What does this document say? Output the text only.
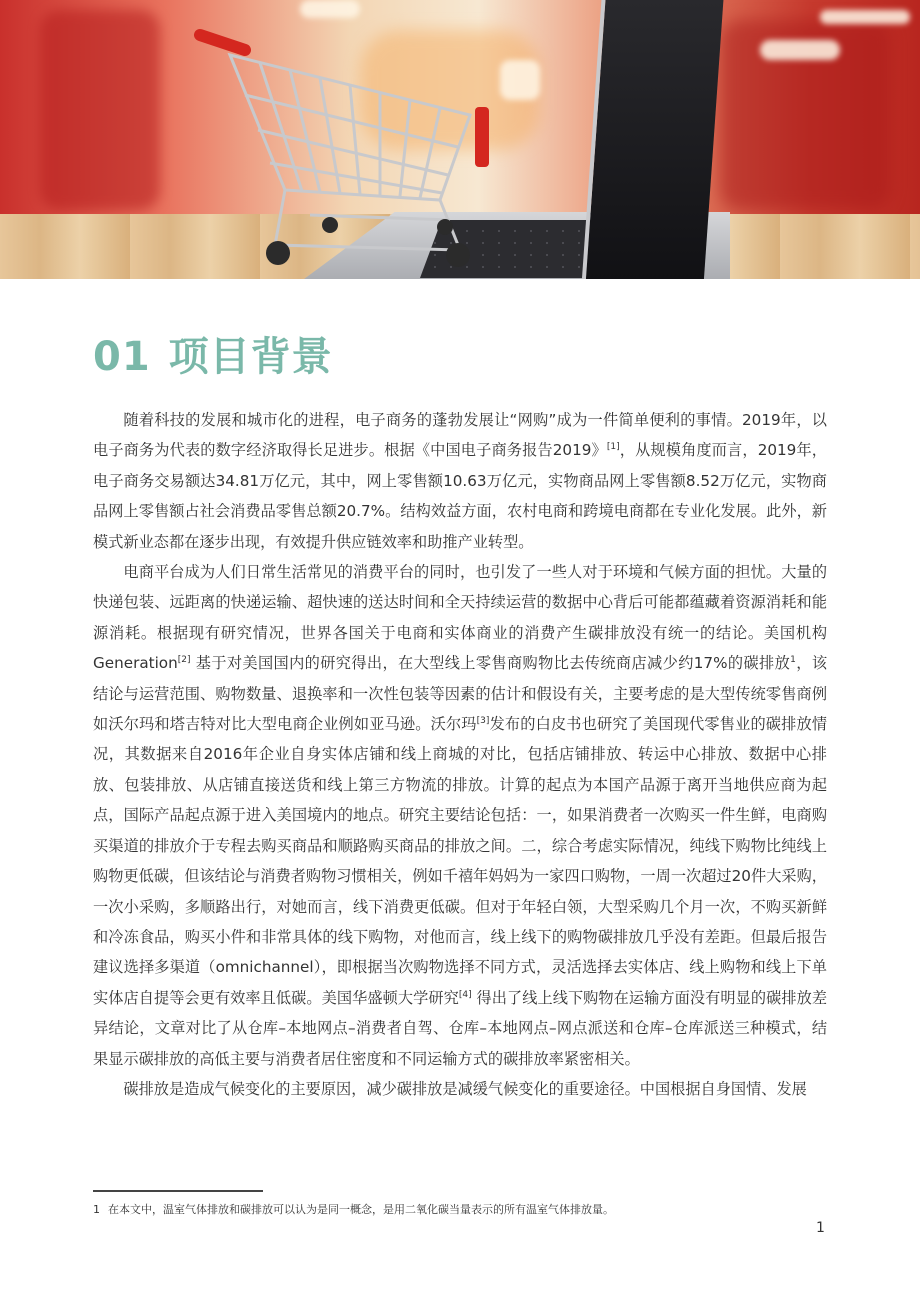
01 项目背景

随着科技的发展和城市化的进程，电子商务的蓬勃发展让“网购”成为一件简单便利的事情。2019年，以电子商务为代表的数字经济取得长足进步。根据《中国电子商务报告2019》[1]，从规模角度而言，2019年，电子商务交易额达34.81万亿元，其中，网上零售额10.63万亿元，实物商品网上零售额8.52万亿元，实物商品网上零售额占社会消费品零售总额20.7%。结构效益方面，农村电商和跨境电商都在专业化发展。此外，新模式新业态都在逐步出现，有效提升供应链效率和助推产业转型。

电商平台成为人们日常生活常见的消费平台的同时，也引发了一些人对于环境和气候方面的担忧。大量的快递包装、远距离的快递运输、超快速的送达时间和全天持续运营的数据中心背后可能都蕴藏着资源消耗和能源消耗。根据现有研究情况，世界各国关于电商和实体商业的消费产生碳排放没有统一的结论。美国机构Generation[2] 基于对美国国内的研究得出，在大型线上零售商购物比去传统商店减少约17%的碳排放$^1$，该结论与运营范围、购物数量、退换率和一次性包装等因素的估计和假设有关，主要考虑的是大型传统零售商例如沃尔玛和塔吉特对比大型电商企业例如亚马逊。沃尔玛[3]发布的白皮书也研究了美国现代零售业的碳排放情况，其数据来自2016年企业自身实体店铺和线上商城的对比，包括店铺排放、转运中心排放、数据中心排放、包装排放、从店铺直接送货和线上第三方物流的排放。计算的起点为本国产品源于离开当地供应商为起点，国际产品起点源于进入美国境内的地点。研究主要结论包括：一，如果消费者一次购买一件生鲜，电商购买渠道的排放介于专程去购买商品和顺路购买商品的排放之间。二，综合考虑实际情况，纯线下购物比纯线上购物更低碳，但该结论与消费者购物习惯相关，例如千禧年妈妈为一家四口购物，一周一次超过20件大采购，一次小采购，多顺路出行，对她而言，线下消费更低碳。但对于年轻白领，大型采购几个月一次，不购买新鲜和冷冻食品，购买小件和非常具体的线下购物，对他而言，线上线下的购物碳排放几乎没有差距。但最后报告建议选择多渠道（omnichannel），即根据当次购物选择不同方式，灵活选择去实体店、线上购物和线上下单实体店自提等会更有效率且低碳。美国华盛顿大学研究[4] 得出了线上线下购物在运输方面没有明显的碳排放差异结论，文章对比了从仓库–本地网点–消费者自驾、仓库–本地网点–网点派送和仓库–仓库派送三种模式，结果显示碳排放的高低主要与消费者居住密度和不同运输方式的碳排放率紧密相关。

碳排放是造成气候变化的主要原因，减少碳排放是减缓气候变化的重要途径。中国根据自身国情、发展

1 在本文中，温室气体排放和碳排放可以认为是同一概念，是用二氧化碳当量表示的所有温室气体排放量。
1
